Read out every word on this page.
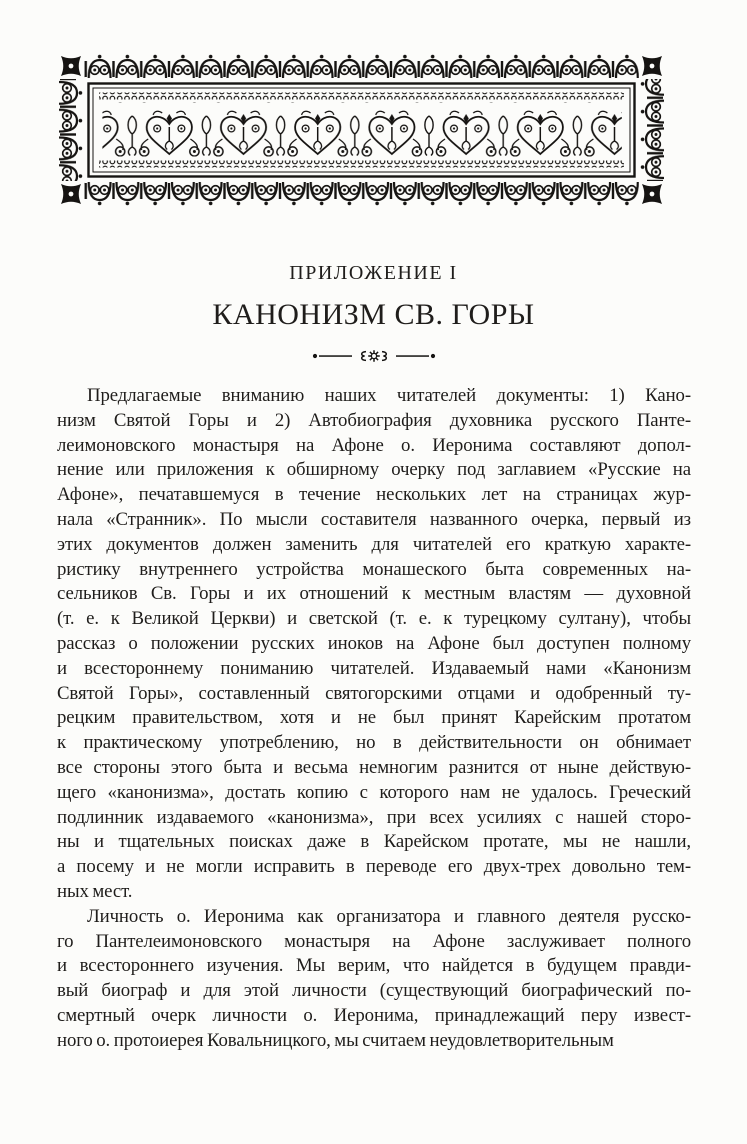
ПРИЛОЖЕНИЕ I
КАНОНИЗМ СВ. ГОРЫ
Предлагаемые вниманию наших читателей документы: 1) Кано-
низм Святой Горы и 2) Автобиография духовника русского Панте-
леимоновского монастыря на Афоне о. Иеронима составляют допол-
нение или приложения к обширному очерку под заглавием «Русские на
Афоне», печатавшемуся в течение нескольких лет на страницах жур-
нала «Странник». По мысли составителя названного очерка, первый из
этих документов должен заменить для читателей его краткую характе-
ристику внутреннего устройства монашеского быта современных на-
сельников Св. Горы и их отношений к местным властям — духовной
(т. е. к Великой Церкви) и светской (т. е. к турецкому султану), чтобы
рассказ о положении русских иноков на Афоне был доступен полному
и всестороннему пониманию читателей. Издаваемый нами «Канонизм
Святой Горы», составленный святогорскими отцами и одобренный ту-
рецким правительством, хотя и не был принят Карейским протатом
к практическому употреблению, но в действительности он обнимает
все стороны этого быта и весьма немногим разнится от ныне действую-
щего «канонизма», достать копию с которого нам не удалось. Греческий
подлинник издаваемого «канонизма», при всех усилиях с нашей сторо-
ны и тщательных поисках даже в Карейском протате, мы не нашли,
а посему и не могли исправить в переводе его двух-трех довольно тем-
ных мест.
Личность о. Иеронима как организатора и главного деятеля русско-
го Пантелеимоновского монастыря на Афоне заслуживает полного
и всестороннего изучения. Мы верим, что найдется в будущем правди-
вый биограф и для этой личности (существующий биографический по-
смертный очерк личности о. Иеронима, принадлежащий перу извест-
ного о. протоиерея Ковальницкого, мы считаем неудовлетворительным
